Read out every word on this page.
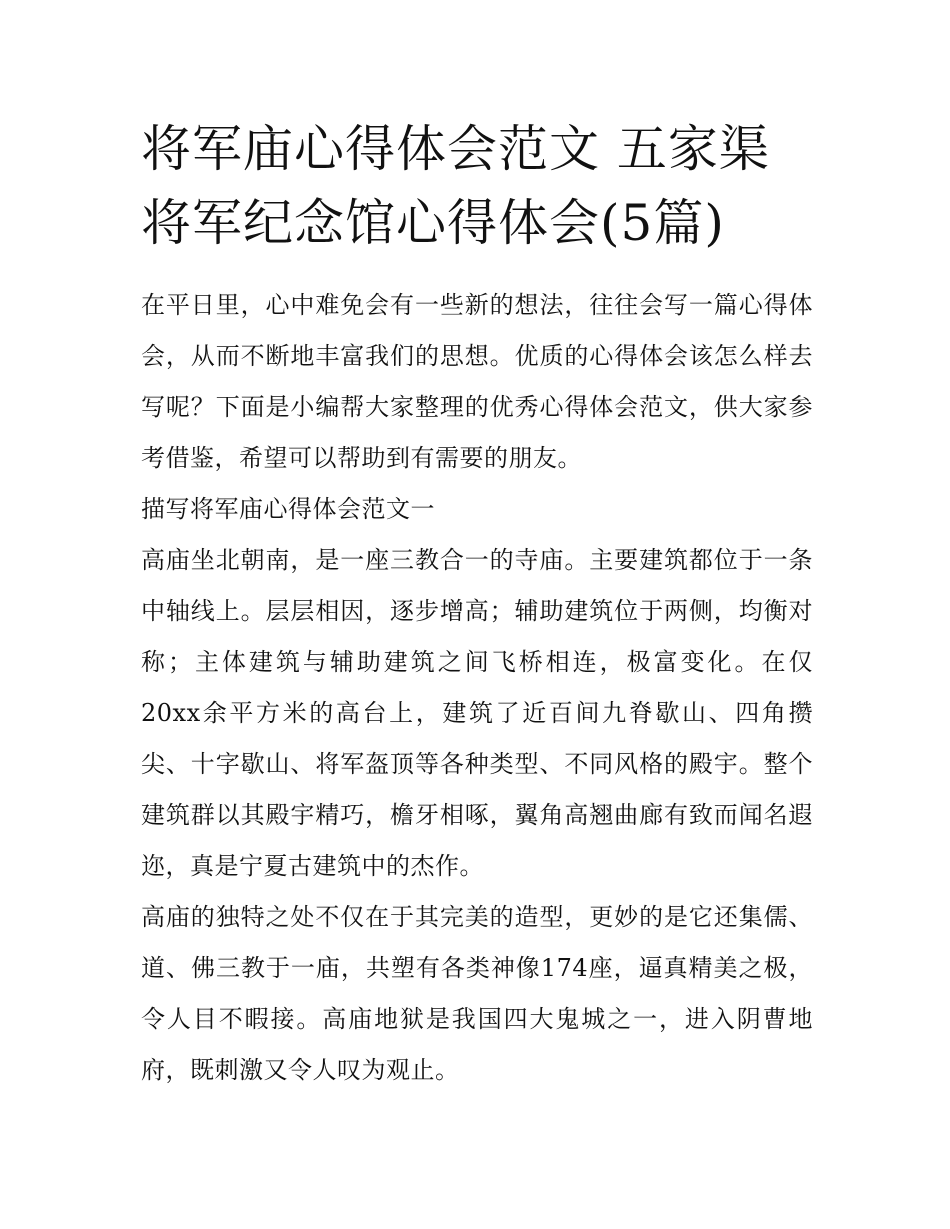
将军庙心得体会范文 五家渠将军纪念馆心得体会(5篇)

在平日里，心中难免会有一些新的想法，往往会写一篇心得体会，从而不断地丰富我们的思想。优质的心得体会该怎么样去写呢？下面是小编帮大家整理的优秀心得体会范文，供大家参考借鉴，希望可以帮助到有需要的朋友。

描写将军庙心得体会范文一

高庙坐北朝南，是一座三教合一的寺庙。主要建筑都位于一条中轴线上。层层相因，逐步增高；辅助建筑位于两侧，均衡对称；主体建筑与辅助建筑之间飞桥相连，极富变化。在仅20xx余平方米的高台上，建筑了近百间九脊歇山、四角攒尖、十字歇山、将军盔顶等各种类型、不同风格的殿宇。整个建筑群以其殿宇精巧，檐牙相啄，翼角高翘曲廊有致而闻名遐迩，真是宁夏古建筑中的杰作。

高庙的独特之处不仅在于其完美的造型，更妙的是它还集儒、道、佛三教于一庙，共塑有各类神像174座，逼真精美之极，令人目不暇接。高庙地狱是我国四大鬼城之一，进入阴曹地府，既刺激又令人叹为观止。
